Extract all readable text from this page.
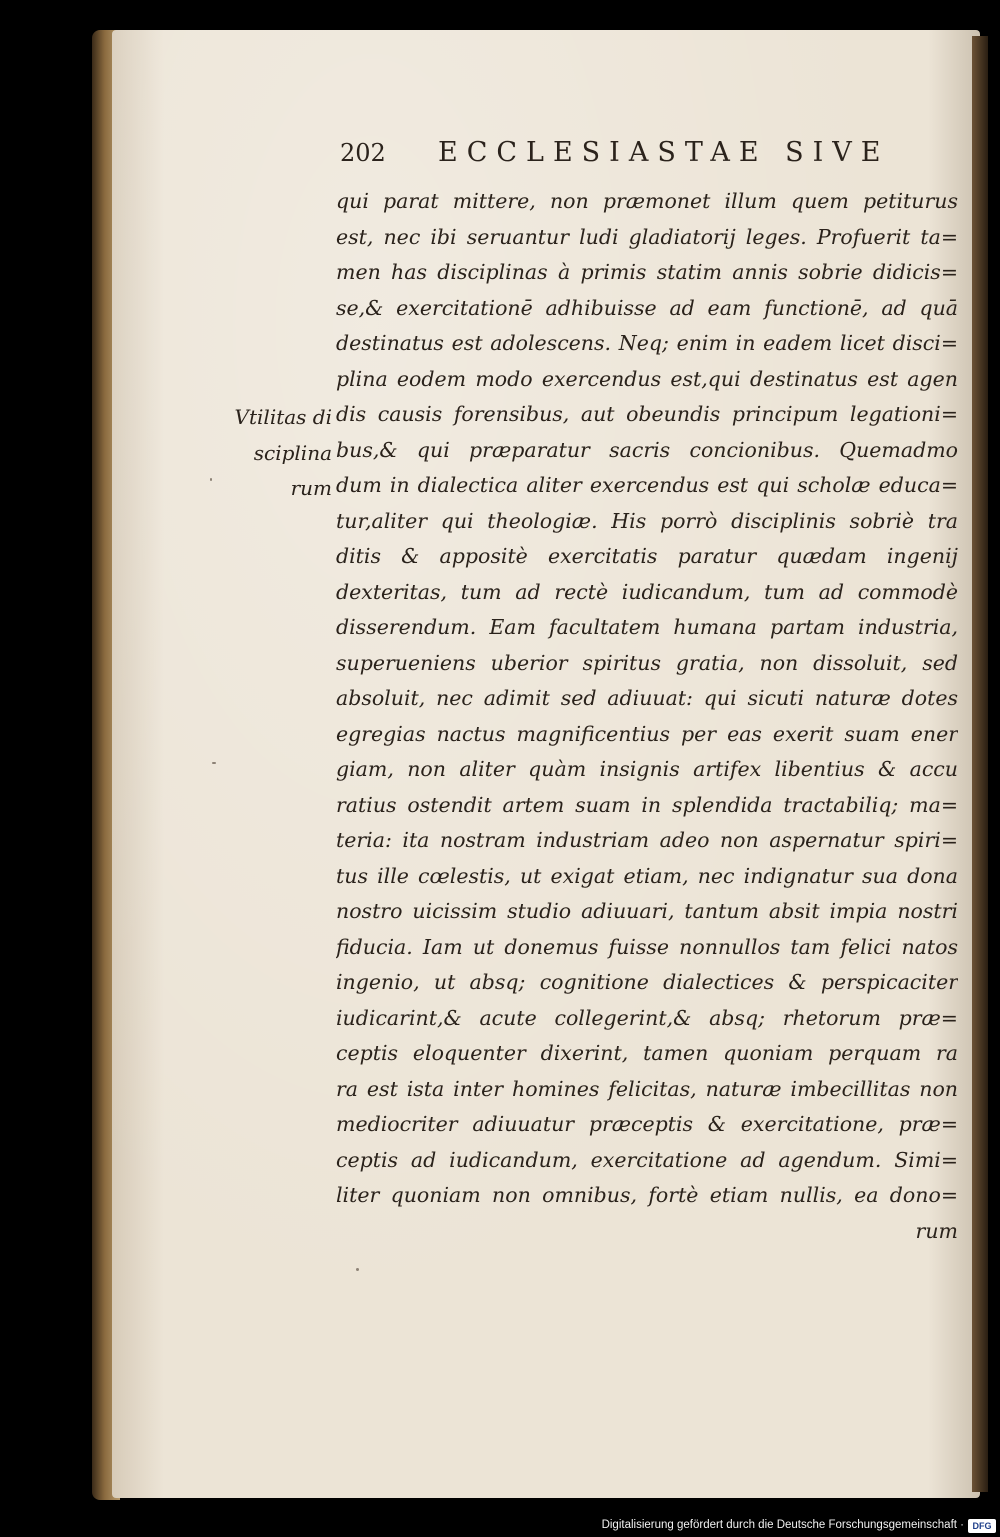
202 ECCLESIASTAE SIVE
Vtilitas di
sciplina
rum
qui parat mittere, non præmonet illum quem petiturus
est, nec ibi seruantur ludi gladiatorij leges. Profuerit ta=
men has disciplinas à primis statim annis sobrie didicis=
se,& exercitationē adhibuisse ad eam functionē, ad quā
destinatus est adolescens. Neq; enim in eadem licet disci=
plina eodem modo exercendus est,qui destinatus est agen
dis causis forensibus, aut obeundis principum legationi=
bus,& qui præparatur sacris concionibus. Quemadmo
dum in dialectica aliter exercendus est qui scholæ educa=
tur,aliter qui theologiæ. His porrò disciplinis sobriè tra
ditis & appositè exercitatis paratur quædam ingenij
dexteritas, tum ad rectè iudicandum, tum ad commodè
disserendum. Eam facultatem humana partam industria,
superueniens uberior spiritus gratia, non dissoluit, sed
absoluit, nec adimit sed adiuuat: qui sicuti naturæ dotes
egregias nactus magnificentius per eas exerit suam ener
giam, non aliter quàm insignis artifex libentius & accu
ratius ostendit artem suam in splendida tractabiliq; ma=
teria: ita nostram industriam adeo non aspernatur spiri=
tus ille cœlestis, ut exigat etiam, nec indignatur sua dona
nostro uicissim studio adiuuari, tantum absit impia nostri
fiducia. Iam ut donemus fuisse nonnullos tam felici natos
ingenio, ut absq; cognitione dialectices & perspicaciter
iudicarint,& acute collegerint,& absq; rhetorum præ=
ceptis eloquenter dixerint, tamen quoniam perquam ra
ra est ista inter homines felicitas, naturæ imbecillitas non
mediocriter adiuuatur præceptis & exercitatione, præ=
ceptis ad iudicandum, exercitatione ad agendum. Simi=
liter quoniam non omnibus, fortè etiam nullis, ea dono=
rum
Digitalisierung gefördert durch die Deutsche Forschungsgemeinschaft · DFG
